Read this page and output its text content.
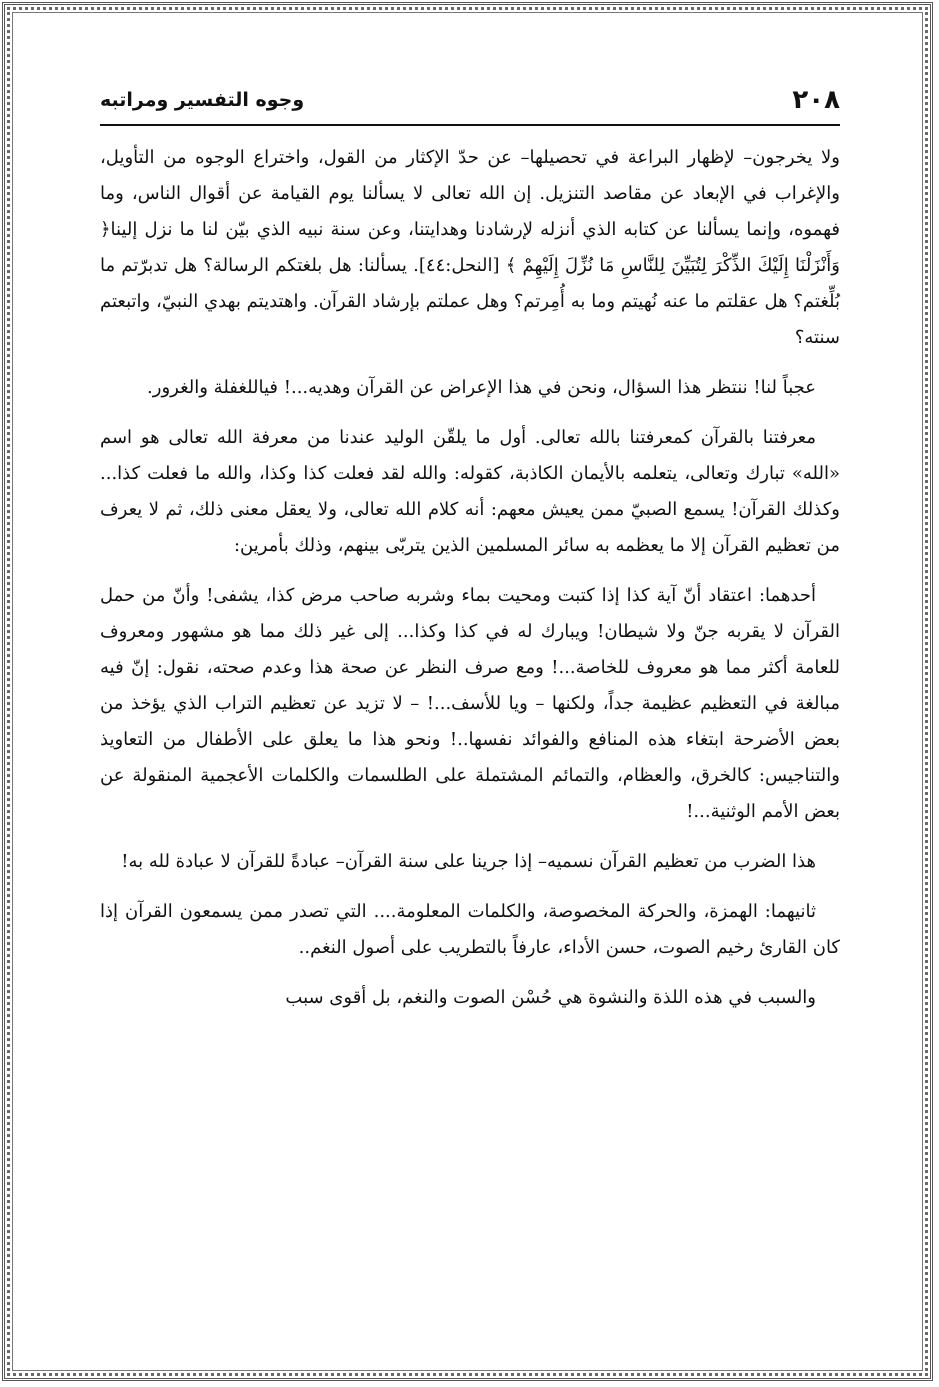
٢٠٨
وجوه التفسير ومراتبه

ولا يخرجون– لإظهار البراعة في تحصيلها– عن حدّ الإكثار من القول، واختراع الوجوه من التأويل، والإغراب في الإبعاد عن مقاصد التنزيل. إن الله تعالى لا يسألنا يوم القيامة عن أقوال الناس، وما فهموه، وإنما يسألنا عن كتابه الذي أنزله لإرشادنا وهدايتنا، وعن سنة نبيه الذي بيّن لنا ما نزل إلينا﴿ وَأَنْزَلْنَا إِلَيْكَ الذِّكْرَ لِتُبَيِّنَ لِلنَّاسِ مَا نُزِّلَ إِلَيْهِمْ ﴾ [النحل:٤٤]. يسألنا: هل بلغتكم الرسالة؟ هل تدبرّتم ما بُلِّغتم؟ هل عقلتم ما عنه نُهيتم وما به أُمِرتم؟ وهل عملتم بإرشاد القرآن. واهتديتم بهدي النبيّ، واتبعتم سنته؟

عجباً لنا! ننتظر هذا السؤال، ونحن في هذا الإعراض عن القرآن وهديه...! فياللغفلة والغرور.

معرفتنا بالقرآن كمعرفتنا بالله تعالى. أول ما يلقّن الوليد عندنا من معرفة الله تعالى هو اسم «الله» تبارك وتعالى، يتعلمه بالأيمان الكاذبة، كقوله: والله لقد فعلت كذا وكذا، والله ما فعلت كذا... وكذلك القرآن! يسمع الصبيّ ممن يعيش معهم: أنه كلام الله تعالى، ولا يعقل معنى ذلك، ثم لا يعرف من تعظيم القرآن إلا ما يعظمه به سائر المسلمين الذين يتربّى بينهم، وذلك بأمرين:

أحدهما: اعتقاد أنّ آية كذا إذا كتبت ومحيت بماء وشربه صاحب مرض كذا، يشفى! وأنّ من حمل القرآن لا يقربه جنّ ولا شيطان! ويبارك له في كذا وكذا... إلى غير ذلك مما هو مشهور ومعروف للعامة أكثر مما هو معروف للخاصة...! ومع صرف النظر عن صحة هذا وعدم صحته، نقول: إنّ فيه مبالغة في التعظيم عظيمة جداً، ولكنها – ويا للأسف...! – لا تزيد عن تعظيم التراب الذي يؤخذ من بعض الأضرحة ابتغاء هذه المنافع والفوائد نفسها..! ونحو هذا ما يعلق على الأطفال من التعاويذ والتناجيس: كالخرق، والعظام، والتمائم المشتملة على الطلسمات والكلمات الأعجمية المنقولة عن بعض الأمم الوثنية...!

هذا الضرب من تعظيم القرآن نسميه– إذا جرينا على سنة القرآن– عبادةً للقرآن لا عبادة لله به!

ثانيهما: الهمزة، والحركة المخصوصة، والكلمات المعلومة.... التي تصدر ممن يسمعون القرآن إذا كان القارئ رخيم الصوت، حسن الأداء، عارفاً بالتطريب على أصول النغم..

والسبب في هذه اللذة والنشوة هي حُسْن الصوت والنغم، بل أقوى سبب
